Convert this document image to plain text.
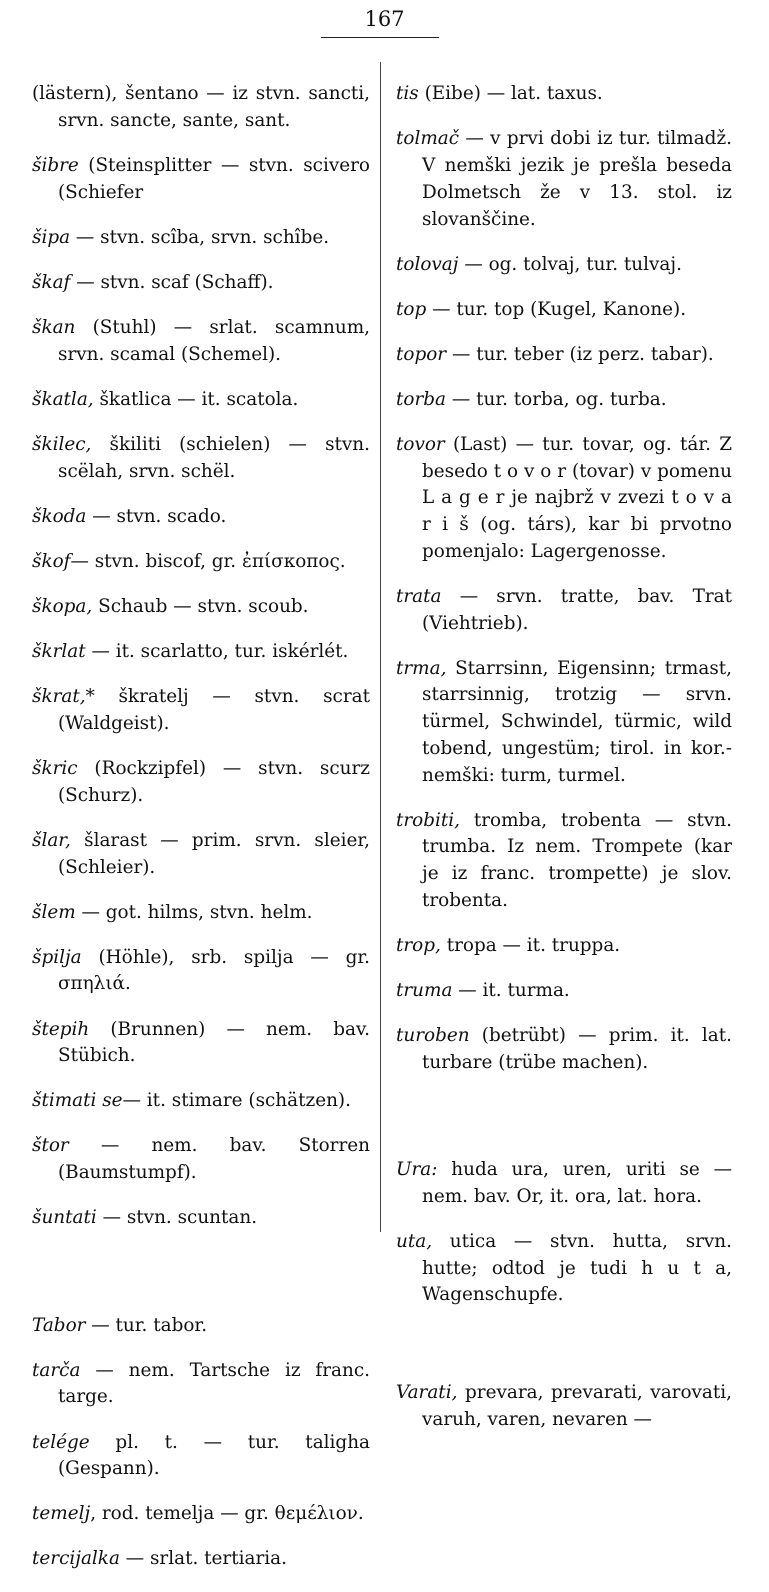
167

(lästern), šentano — iz stvn. sancti, srvn. sancte, sante, sant.

šibre (Steinsplitter — stvn. scivero (Schiefer

šipa — stvn. scîba, srvn. schîbe.

škaf — stvn. scaf (Schaff).

škan (Stuhl) — srlat. scamnum, srvn. scamal (Schemel).

škatla, škatlica — it. scatola.

škilec, škiliti (schielen) — stvn. scëlah, srvn. schël.

škoda — stvn. scado.

škof— stvn. biscof, gr. ἐπίσκοπος.

škopa, Schaub — stvn. scoub.

škrlat — it. scarlatto, tur. iskérlét.

škrat,* škratelj — stvn. scrat (Waldgeist).

škric (Rockzipfel) — stvn. scurz (Schurz).

šlar, šlarast — prim. srvn. sleier, (Schleier).

šlem — got. hilms, stvn. helm.

špilja (Höhle), srb. spilja — gr. σπηλιά.

štepih (Brunnen) — nem. bav. Stübich.

štimati se— it. stimare (schätzen).

štor — nem. bav. Storren (Baumstumpf).

šuntati — stvn. scuntan.

Tabor — tur. tabor.

tarča — nem. Tartsche iz franc. targe.

telége pl. t. — tur. taligha (Gespann).

temelj, rod. temelja — gr. θεμέλιον.

tercijalka — srlat. tertiaria.

tis (Eibe) — lat. taxus.

tolmač — v prvi dobi iz tur. tilmadž. V nemški jezik je prešla beseda Dolmetsch že v 13. stol. iz slovanščine.

tolovaj — og. tolvaj, tur. tulvaj.

top — tur. top (Kugel, Kanone).

topor — tur. teber (iz perz. tabar).

torba — tur. torba, og. turba.

tovor (Last) — tur. tovar, og. tár. Z besedo t o v o r (tovar) v pomenu L a g e r je najbrž v zvezi t o v a r i š (og. társ), kar bi prvotno pomenjalo: Lagergenosse.

trata — srvn. tratte, bav. Trat (Viehtrieb).

trma, Starrsinn, Eigensinn; trmast, starrsinnig, trotzig — srvn. türmel, Schwindel, türmic, wild tobend, ungestüm; tirol. in kor.-nemški: turm, turmel.

trobiti, tromba, trobenta — stvn. trumba. Iz nem. Trompete (kar je iz franc. trompette) je slov. trobenta.

trop, tropa — it. truppa.

truma — it. turma.

turoben (betrübt) — prim. it. lat. turbare (trübe machen).

Ura: huda ura, uren, uriti se — nem. bav. Or, it. ora, lat. hora.

uta, utica — stvn. hutta, srvn. hutte; odtod je tudi h u t a, Wagenschupfe.

Varati, prevara, prevarati, varovati, varuh, varen, nevaren —
